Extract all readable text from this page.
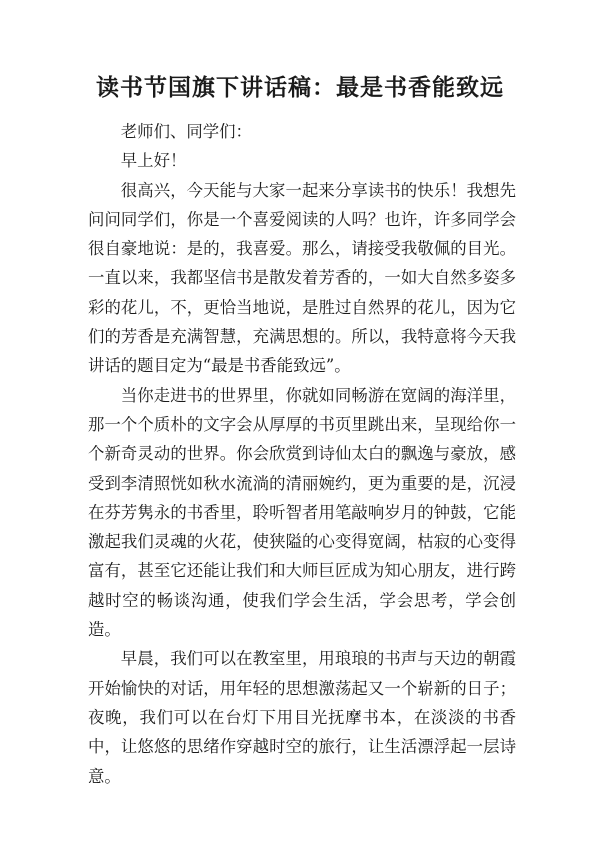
读书节国旗下讲话稿：最是书香能致远

老师们、同学们：

早上好！

很高兴，今天能与大家一起来分享读书的快乐！我想先问问同学们，你是一个喜爱阅读的人吗？也许，许多同学会很自豪地说：是的，我喜爱。那么，请接受我敬佩的目光。一直以来，我都坚信书是散发着芳香的，一如大自然多姿多彩的花儿，不，更恰当地说，是胜过自然界的花儿，因为它们的芳香是充满智慧，充满思想的。所以，我特意将今天我讲话的题目定为“最是书香能致远”。

当你走进书的世界里，你就如同畅游在宽阔的海洋里，那一个个质朴的文字会从厚厚的书页里跳出来，呈现给你一个新奇灵动的世界。你会欣赏到诗仙太白的飘逸与豪放，感受到李清照恍如秋水流淌的清丽婉约，更为重要的是，沉浸在芬芳隽永的书香里，聆听智者用笔敲响岁月的钟鼓，它能激起我们灵魂的火花，使狭隘的心变得宽阔，枯寂的心变得富有，甚至它还能让我们和大师巨匠成为知心朋友，进行跨越时空的畅谈沟通，使我们学会生活，学会思考，学会创造。

早晨，我们可以在教室里，用琅琅的书声与天边的朝霞开始愉快的对话，用年轻的思想激荡起又一个崭新的日子；夜晚，我们可以在台灯下用目光抚摩书本，在淡淡的书香中，让悠悠的思绪作穿越时空的旅行，让生活漂浮起一层诗意。
